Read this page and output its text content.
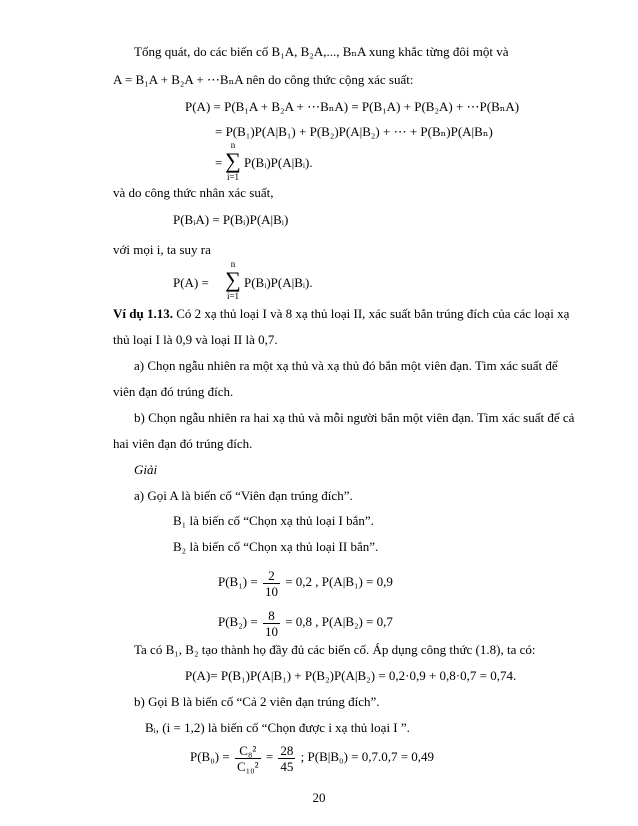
Tổng quát, do các biến cố B₁A, B₂A,..., BₙA xung khắc từng đôi một và
A = B₁A + B₂A + ⋯BₙA nên do công thức cộng xác suất:
P(A) = P(B₁A + B₂A + ⋯BₙA) = P(B₁A) + P(B₂A) + ⋯P(BₙA)
= P(B₁)P(A|B₁) + P(B₂)P(A|B₂) + ⋯ + P(Bₙ)P(A|Bₙ)
=
n
∑
i=1
P(Bᵢ)P(A|Bᵢ).
và do công thức nhân xác suất,
P(BᵢA) = P(Bᵢ)P(A|Bᵢ)
với mọi i, ta suy ra
P(A) =
n
∑
i=1
P(Bᵢ)P(A|Bᵢ).
Ví dụ 1.13. Có 2 xạ thủ loại I và 8 xạ thủ loại II, xác suất bắn trúng đích của các loại xạ
thủ loại I là 0,9 và loại II là 0,7.
a) Chọn ngẫu nhiên ra một xạ thủ và xạ thủ đó bắn một viên đạn. Tìm xác suất để
viên đạn đó trúng đích.
b) Chọn ngẫu nhiên ra hai xạ thủ và mỗi người bắn một viên đạn. Tìm xác suất để cả
hai viên đạn đó trúng đích.
Giải
a) Gọi A là biến cố “Viên đạn trúng đích”.
B₁ là biến cố “Chọn xạ thủ loại I bắn”.
B₂ là biến cố “Chọn xạ thủ loại II bắn”.
$P(B_1) = \frac{2}{10} = 0,2$ , P(A|B₁) = 0,9
$P(B_2) = \frac{8}{10} = 0,8$ , P(A|B₂) = 0,7
Ta có B₁, B₂ tạo thành họ đầy đủ các biến cố. Áp dụng công thức (1.8), ta có:
P(A)= P(B₁)P(A|B₁) + P(B₂)P(A|B₂) = 0,2·0,9 + 0,8·0,7 = 0,74.
b) Gọi B là biến cố “Cả 2 viên đạn trúng đích”.
Bᵢ, (i = 1,2) là biến cố “Chọn được i xạ thủ loại I ”.
$P(B_0) = \frac{\text{C₈²}}{\text{C₁₀²}} = \frac{28}{45}$ ; P(B|B₀) = 0,7.0,7 = 0,49
20
